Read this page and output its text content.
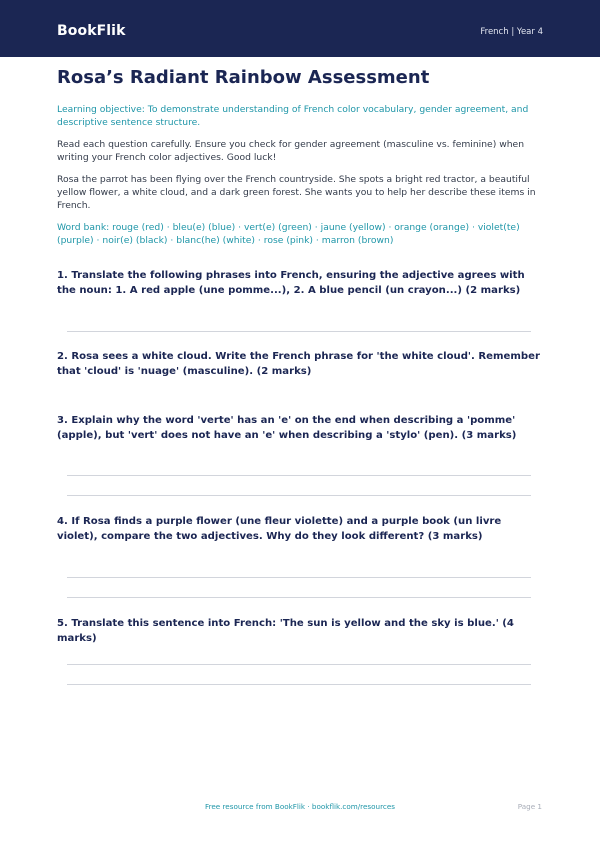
BookFlik	French | Year 4
Rosa’s Radiant Rainbow Assessment
Learning objective: To demonstrate understanding of French color vocabulary, gender agreement, and descriptive sentence structure.
Read each question carefully. Ensure you check for gender agreement (masculine vs. feminine) when writing your French color adjectives. Good luck!
Rosa the parrot has been flying over the French countryside. She spots a bright red tractor, a beautiful yellow flower, a white cloud, and a dark green forest. She wants you to help her describe these items in French.
Word bank: rouge (red) · bleu(e) (blue) · vert(e) (green) · jaune (yellow) · orange (orange) · violet(te) (purple) · noir(e) (black) · blanc(he) (white) · rose (pink) · marron (brown)
1. Translate the following phrases into French, ensuring the adjective agrees with the noun: 1. A red apple (une pomme...), 2. A blue pencil (un crayon...) (2 marks)
2. Rosa sees a white cloud. Write the French phrase for 'the white cloud'. Remember that 'cloud' is 'nuage' (masculine). (2 marks)
3. Explain why the word 'verte' has an 'e' on the end when describing a 'pomme' (apple), but 'vert' does not have an 'e' when describing a 'stylo' (pen). (3 marks)
4. If Rosa finds a purple flower (une fleur violette) and a purple book (un livre violet), compare the two adjectives. Why do they look different? (3 marks)
5. Translate this sentence into French: 'The sun is yellow and the sky is blue.' (4 marks)
Free resource from BookFlik · bookflik.com/resources	Page 1
